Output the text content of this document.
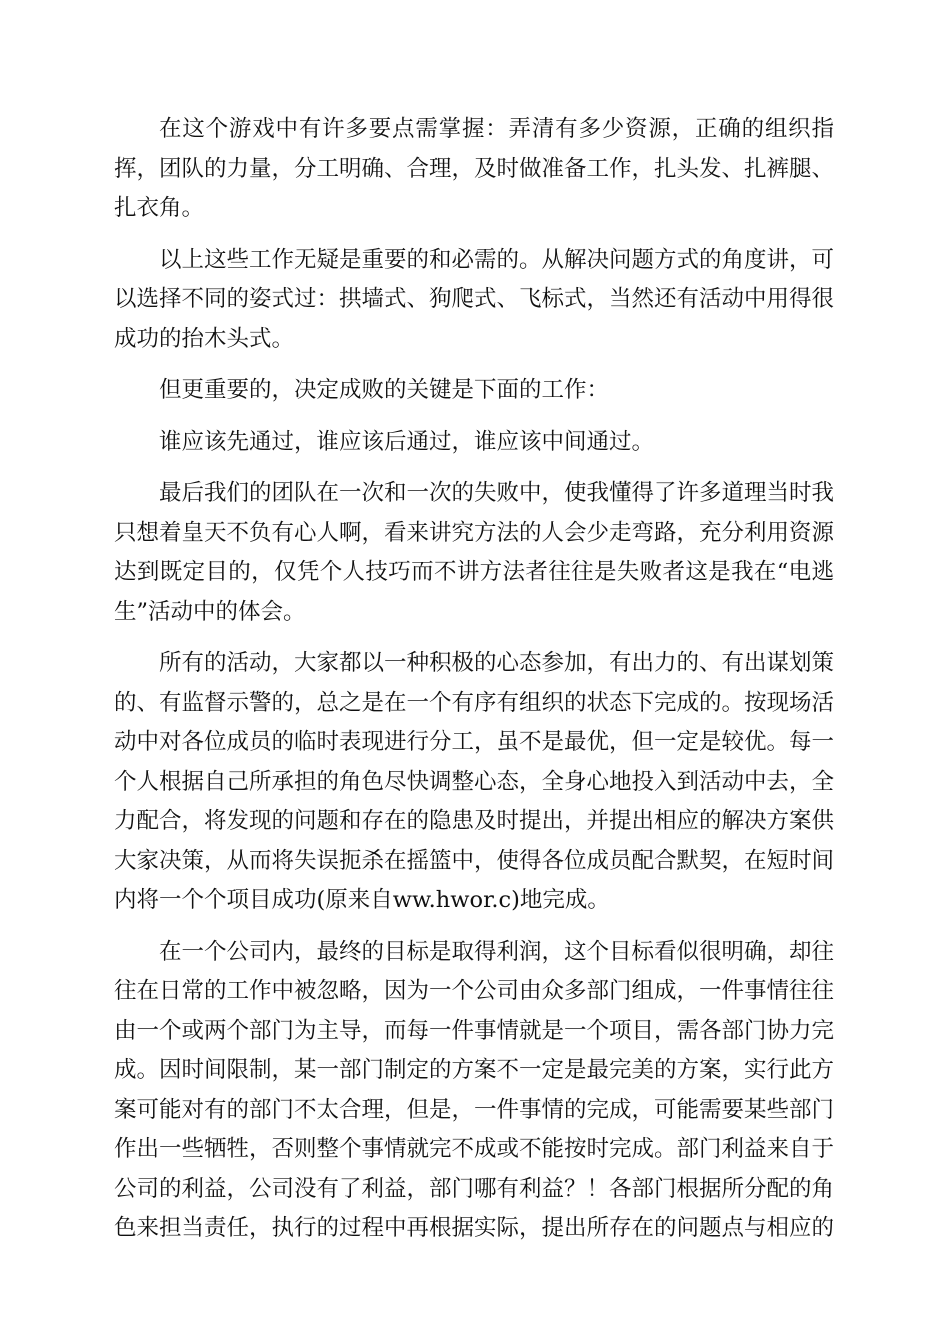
在这个游戏中有许多要点需掌握：弄清有多少资源，正确的组织指挥，团队的力量，分工明确、合理，及时做准备工作，扎头发、扎裤腿、扎衣角。

以上这些工作无疑是重要的和必需的。从解决问题方式的角度讲，可以选择不同的姿式过：拱墙式、狗爬式、飞标式，当然还有活动中用得很成功的抬木头式。

但更重要的，决定成败的关键是下面的工作：

谁应该先通过，谁应该后通过，谁应该中间通过。

最后我们的团队在一次和一次的失败中，使我懂得了许多道理当时我只想着皇天不负有心人啊，看来讲究方法的人会少走弯路，充分利用资源达到既定目的，仅凭个人技巧而不讲方法者往往是失败者这是我在“电逃生”活动中的体会。

所有的活动，大家都以一种积极的心态参加，有出力的、有出谋划策的、有监督示警的，总之是在一个有序有组织的状态下完成的。按现场活动中对各位成员的临时表现进行分工，虽不是最优，但一定是较优。每一个人根据自己所承担的角色尽快调整心态，全身心地投入到活动中去，全力配合，将发现的问题和存在的隐患及时提出，并提出相应的解决方案供大家决策，从而将失误扼杀在摇篮中，使得各位成员配合默契，在短时间内将一个个项目成功(原来自ww.hwor.c)地完成。

在一个公司内，最终的目标是取得利润，这个目标看似很明确，却往往在日常的工作中被忽略，因为一个公司由众多部门组成，一件事情往往由一个或两个部门为主导，而每一件事情就是一个项目，需各部门协力完成。因时间限制，某一部门制定的方案不一定是最完美的方案，实行此方案可能对有的部门不太合理，但是，一件事情的完成，可能需要某些部门作出一些牺牲，否则整个事情就完不成或不能按时完成。部门利益来自于公司的利益，公司没有了利益，部门哪有利益？！各部门根据所分配的角色来担当责任，执行的过程中再根据实际，提出所存在的问题点与相应的
